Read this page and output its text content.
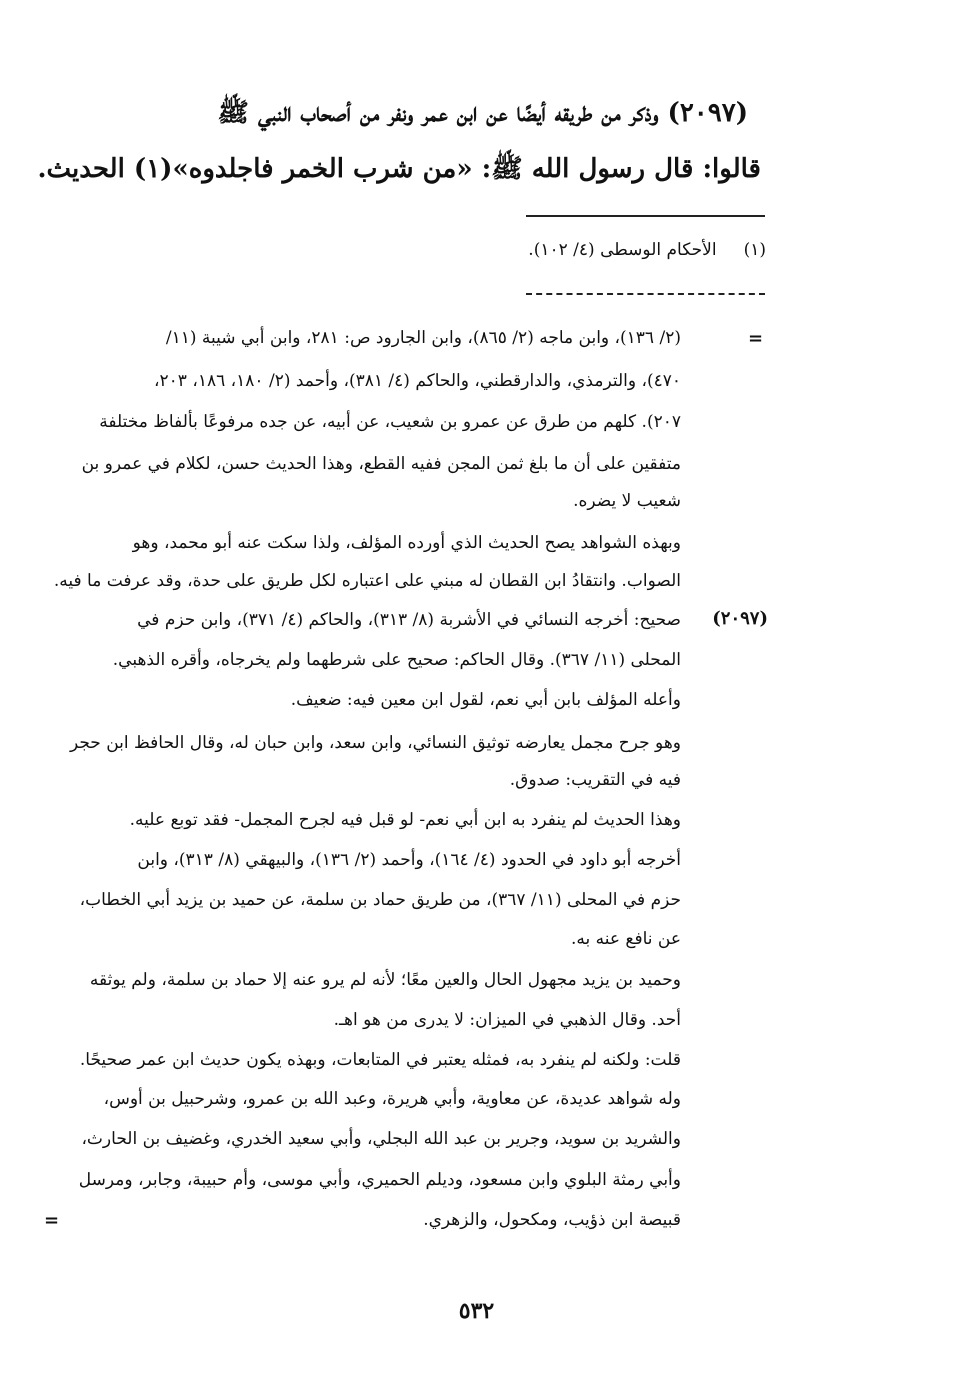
(٢٠٩٧) وذكر من طريقه أيضًا عن ابن عمر ونفر من أصحاب النبي ﷺ
قالوا: قال رسول الله ﷺ: «من شرب الخمر فاجلدوه»(١) الحديث.
(١)     الأحكام الوسطى (٤/ ١٠٢).
=
(٢/ ١٣٦)، وابن ماجه (٢/ ٨٦٥)، وابن الجارود ص: ٢٨١، وابن أبي شيبة (١١/
٤٧٠)، والترمذي، والدارقطني، والحاكم (٤/ ٣٨١)، وأحمد (٢/ ١٨٠، ١٨٦، ٢٠٣،
٢٠٧). كلهم من طرق عن عمرو بن شعيب، عن أبيه، عن جده مرفوعًا بألفاظ مختلفة
متفقين على أن ما بلغ ثمن المجن ففيه القطع، وهذا الحديث حسن، لكلام في عمرو بن
شعيب لا يضره.
وبهذه الشواهد يصح الحديث الذي أورده المؤلف، ولذا سكت عنه أبو محمد، وهو
الصواب. وانتقادُ ابن القطان له مبني على اعتباره لكل طريق على حدة، وقد عرفت ما فيه.
(٢٠٩٧)
صحيح: أخرجه النسائي في الأشربة (٨/ ٣١٣)، والحاكم (٤/ ٣٧١)، وابن حزم في
المحلى (١١/ ٣٦٧). وقال الحاكم: صحيح على شرطهما ولم يخرجاه، وأقره الذهبي.
وأعله المؤلف بابن أبي نعم، لقول ابن معين فيه: ضعيف.
وهو جرح مجمل يعارضه توثيق النسائي، وابن سعد، وابن حبان له، وقال الحافظ ابن حجر
فيه في التقريب: صدوق.
وهذا الحديث لم ينفرد به ابن أبي نعم- لو قبل فيه لجرح المجمل- فقد توبع عليه.
أخرجه أبو داود في الحدود (٤/ ١٦٤)، وأحمد (٢/ ١٣٦)، والبيهقي (٨/ ٣١٣)، وابن
حزم في المحلى (١١/ ٣٦٧)، من طريق حماد بن سلمة، عن حميد بن يزيد أبي الخطاب،
عن نافع عنه به.
وحميد بن يزيد مجهول الحال والعين معًا؛ لأنه لم يرو عنه إلا حماد بن سلمة، ولم يوثقه
أحد. وقال الذهبي في الميزان: لا يدرى من هو اهـ.
قلت: ولكنه لم ينفرد به، فمثله يعتبر في المتابعات، وبهذه يكون حديث ابن عمر صحيحًا.
وله شواهد عديدة، عن معاوية، وأبي هريرة، وعبد الله بن عمرو، وشرحبيل بن أوس،
والشريد بن سويد، وجرير بن عبد الله البجلي، وأبي سعيد الخدري، وغضيف بن الحارث،
وأبي رمثة البلوي وابن مسعود، وديلم الحميري، وأبي موسى، وأم حبيبة، وجابر، ومرسل
قبيصة ابن ذؤيب، ومكحول، والزهري.
=
٥٣٢
